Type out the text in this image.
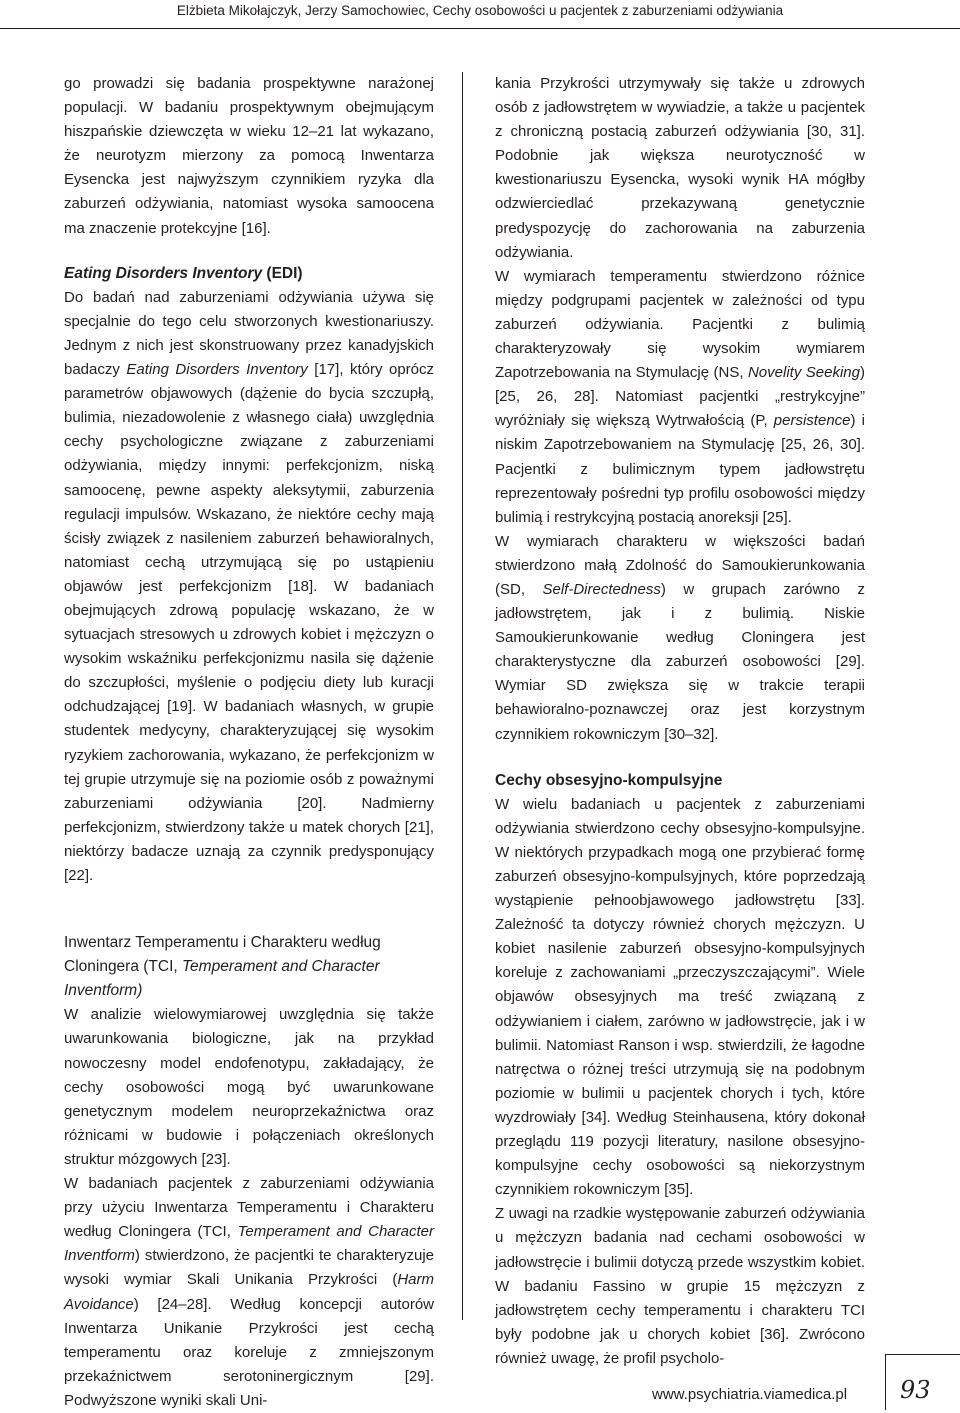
Elżbieta Mikołajczyk, Jerzy Samochowiec, Cechy osobowości u pacjentek z zaburzeniami odżywiania

go prowadzi się badania prospektywne narażonej populacji. W badaniu prospektywnym obejmującym hiszpańskie dziewczęta w wieku 12–21 lat wykazano, że neurotyzm mierzony za pomocą Inwentarza Eysencka jest najwyższym czynnikiem ryzyka dla zaburzeń odżywiania, natomiast wysoka samoocena ma znaczenie protekcyjne [16].

Eating Disorders Inventory (EDI)

Do badań nad zaburzeniami odżywiania używa się specjalnie do tego celu stworzonych kwestionariuszy. Jednym z nich jest skonstruowany przez kanadyjskich badaczy Eating Disorders Inventory [17], który oprócz parametrów objawowych (dążenie do bycia szczupłą, bulimia, niezadowolenie z własnego ciała) uwzględnia cechy psychologiczne związane z zaburzeniami odżywiania, między innymi: perfekcjonizm, niską samoocenę, pewne aspekty aleksytymii, zaburzenia regulacji impulsów. Wskazano, że niektóre cechy mają ścisły związek z nasileniem zaburzeń behawioralnych, natomiast cechą utrzymującą się po ustąpieniu objawów jest perfekcjonizm [18]. W badaniach obejmujących zdrową populację wskazano, że w sytuacjach stresowych u zdrowych kobiet i mężczyzn o wysokim wskaźniku perfekcjonizmu nasila się dążenie do szczupłości, myślenie o podjęciu diety lub kuracji odchudzającej [19]. W badaniach własnych, w grupie studentek medycyny, charakteryzującej się wysokim ryzykiem zachorowania, wykazano, że perfekcjonizm w tej grupie utrzymuje się na poziomie osób z poważnymi zaburzeniami odżywiania [20]. Nadmierny perfekcjonizm, stwierdzony także u matek chorych [21], niektórzy badacze uznają za czynnik predysponujący [22].

Inwentarz Temperamentu i Charakteru według Cloningera (TCI, Temperament and Character Inventform)

W analizie wielowymiarowej uwzględnia się także uwarunkowania biologiczne, jak na przykład nowoczesny model endofenotypu, zakładający, że cechy osobowości mogą być uwarunkowane genetycznym modelem neuroprzekaźnictwa oraz różnicami w budowie i połączeniach określonych struktur mózgowych [23].

W badaniach pacjentek z zaburzeniami odżywiania przy użyciu Inwentarza Temperamentu i Charakteru według Cloningera (TCI, Temperament and Character Inventform) stwierdzono, że pacjentki te charakteryzuje wysoki wymiar Skali Unikania Przykrości (Harm Avoidance) [24–28]. Według koncepcji autorów Inwentarza Unikanie Przykrości jest cechą temperamentu oraz koreluje z zmniejszonym przekaźnictwem serotoninergicznym [29]. Podwyższone wyniki skali Uni-

kania Przykrości utrzymywały się także u zdrowych osób z jadłowstrętem w wywiadzie, a także u pacjentek z chroniczną postacią zaburzeń odżywiania [30, 31]. Podobnie jak większa neurotyczność w kwestionariuszu Eysencka, wysoki wynik HA mógłby odzwierciedlać przekazywaną genetycznie predyspozycję do zachorowania na zaburzenia odżywiania.

W wymiarach temperamentu stwierdzono różnice między podgrupami pacjentek w zależności od typu zaburzeń odżywiania. Pacjentki z bulimią charakteryzowały się wysokim wymiarem Zapotrzebowania na Stymulację (NS, Novelity Seeking) [25, 26, 28]. Natomiast pacjentki „restrykcyjne” wyróżniały się większą Wytrwałością (P, persistence) i niskim Zapotrzebowaniem na Stymulację [25, 26, 30]. Pacjentki z bulimicznym typem jadłowstrętu reprezentowały pośredni typ profilu osobowości między bulimią i restrykcyjną postacią anoreksji [25].

W wymiarach charakteru w większości badań stwierdzono małą Zdolność do Samoukierunkowania (SD, Self-Directedness) w grupach zarówno z jadłowstrętem, jak i z bulimią. Niskie Samoukierunkowanie według Cloningera jest charakterystyczne dla zaburzeń osobowości [29]. Wymiar SD zwiększa się w trakcie terapii behawioralno-poznawczej oraz jest korzystnym czynnikiem rokowniczym [30–32].

Cechy obsesyjno-kompulsyjne

W wielu badaniach u pacjentek z zaburzeniami odżywiania stwierdzono cechy obsesyjno-kompulsyjne. W niektórych przypadkach mogą one przybierać formę zaburzeń obsesyjno-kompulsyjnych, które poprzedzają wystąpienie pełnoobjawowego jadłowstrętu [33]. Zależność ta dotyczy również chorych mężczyzn. U kobiet nasilenie zaburzeń obsesyjno-kompulsyjnych koreluje z zachowaniami „przeczyszczającymi”. Wiele objawów obsesyjnych ma treść związaną z odżywianiem i ciałem, zarówno w jadłowstręcie, jak i w bulimii. Natomiast Ranson i wsp. stwierdzili, że łagodne natręctwa o różnej treści utrzymują się na podobnym poziomie w bulimii u pacjentek chorych i tych, które wyzdrowiały [34]. Według Steinhausena, który dokonał przeglądu 119 pozycji literatury, nasilone obsesyjno-kompulsyjne cechy osobowości są niekorzystnym czynnikiem rokowniczym [35].

Z uwagi na rzadkie występowanie zaburzeń odżywiania u mężczyzn badania nad cechami osobowości w jadłowstręcie i bulimii dotyczą przede wszystkim kobiet. W badaniu Fassino w grupie 15 mężczyzn z jadłowstrętem cechy temperamentu i charakteru TCI były podobne jak u chorych kobiet [36]. Zwrócono również uwagę, że profil psycholo-

www.psychiatria.viamedica.pl 93
